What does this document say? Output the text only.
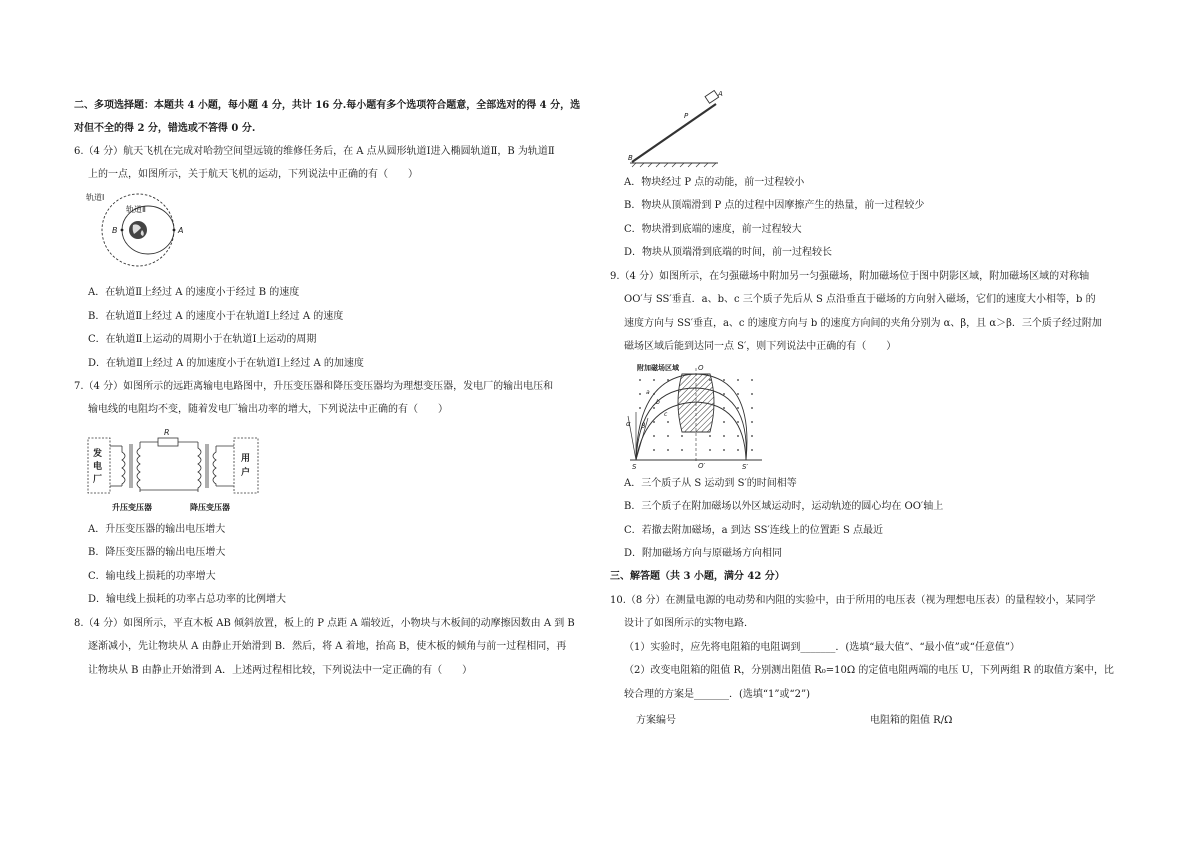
二、多项选择题：本题共 4 小题，每小题 4 分，共计 16 分.每小题有多个选项符合题意，全部选对的得 4 分，选
对但不全的得 2 分，错选或不答得 0 分.
6.（4 分）航天飞机在完成对哈勃空间望远镜的维修任务后，在 A 点从圆形轨道Ⅰ进入椭圆轨道Ⅱ，B 为轨道Ⅱ
上的一点，如图所示，关于航天飞机的运动，下列说法中正确的有（　　）
轨道Ⅰ
轨道Ⅱ
A
B
A．在轨道Ⅱ上经过 A 的速度小于经过 B 的速度
B．在轨道Ⅱ上经过 A 的速度小于在轨道Ⅰ上经过 A 的速度
C．在轨道Ⅱ上运动的周期小于在轨道Ⅰ上运动的周期
D．在轨道Ⅱ上经过 A 的加速度小于在轨道Ⅰ上经过 A 的加速度
7.（4 分）如图所示的远距离输电电路图中，升压变压器和降压变压器均为理想变压器，发电厂的输出电压和
输电线的电阻均不变，随着发电厂输出功率的增大，下列说法中正确的有（　　）
发
电
厂
R
用
户
升压变压器	降压变压器
A．升压变压器的输出电压增大
B．降压变压器的输出电压增大
C．输电线上损耗的功率增大
D．输电线上损耗的功率占总功率的比例增大
8.（4 分）如图所示，平直木板 AB 倾斜放置，板上的 P 点距 A 端较近，小物块与木板间的动摩擦因数由 A 到 B
逐渐减小，先让物块从 A 由静止开始滑到 B．然后，将 A 着地，抬高 B，使木板的倾角与前一过程相同，再
让物块从 B 由静止开始滑到 A．上述两过程相比较，下列说法中一定正确的有（　　）
A
P
B
A．物块经过 P 点的动能，前一过程较小
B．物块从顶端滑到 P 点的过程中因摩擦产生的热量，前一过程较少
C．物块滑到底端的速度，前一过程较大
D．物块从顶端滑到底端的时间，前一过程较长
9.（4 分）如图所示，在匀强磁场中附加另一匀强磁场，附加磁场位于图中阴影区域，附加磁场区域的对称轴
OO′与 SS′垂直．a、b、c 三个质子先后从 S 点沿垂直于磁场的方向射入磁场，它们的速度大小相等，b 的
速度方向与 SS′垂直，a、c 的速度方向与 b 的速度方向间的夹角分别为 α、β，且 α＞β．三个质子经过附加
磁场区域后能到达同一点 S′，则下列说法中正确的有（　　）
附加磁场区域	O
O′
S	S′
α β
a
b
c
A．三个质子从 S 运动到 S′的时间相等
B．三个质子在附加磁场以外区域运动时，运动轨迹的圆心均在 OO′轴上
C．若撤去附加磁场，a 到达 SS′连线上的位置距 S 点最近
D．附加磁场方向与原磁场方向相同
三、解答题（共 3 小题，满分 42 分）
10.（8 分）在测量电源的电动势和内阻的实验中，由于所用的电压表（视为理想电压表）的量程较小，某同学
设计了如图所示的实物电路．
（1）实验时，应先将电阻箱的电阻调到_______．(选填“最大值”、“最小值”或“任意值”）
（2）改变电阻箱的阻值 R，分别测出阻值 R₀=10Ω 的定值电阻两端的电压 U，下列两组 R 的取值方案中，比
较合理的方案是_______．(选填“1”或“2”)
方案编号	电阻箱的阻值 R/Ω
